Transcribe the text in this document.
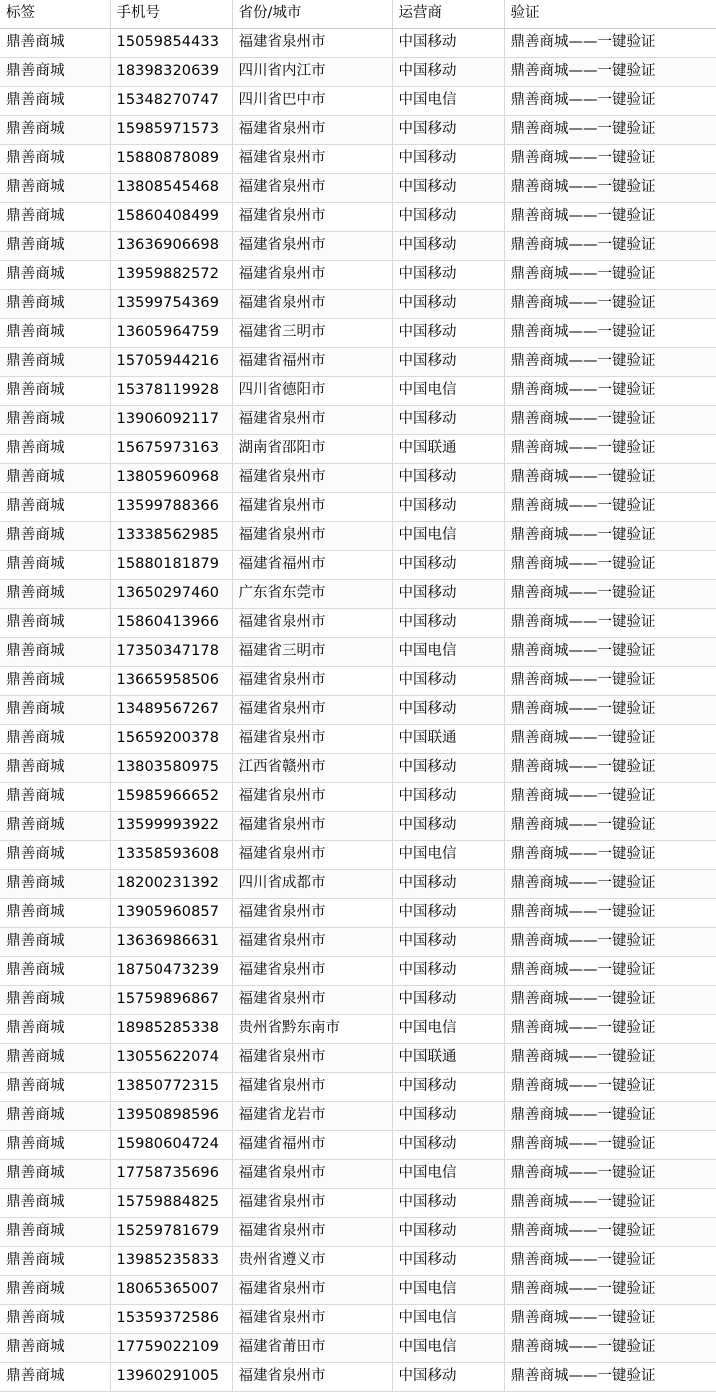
标签	手机号	省份/城市	运营商	验证
鼎善商城	15059854433	福建省泉州市	中国移动	鼎善商城——一键验证
鼎善商城	18398320639	四川省内江市	中国移动	鼎善商城——一键验证
鼎善商城	15348270747	四川省巴中市	中国电信	鼎善商城——一键验证
鼎善商城	15985971573	福建省泉州市	中国移动	鼎善商城——一键验证
鼎善商城	15880878089	福建省泉州市	中国移动	鼎善商城——一键验证
鼎善商城	13808545468	福建省泉州市	中国移动	鼎善商城——一键验证
鼎善商城	15860408499	福建省泉州市	中国移动	鼎善商城——一键验证
鼎善商城	13636906698	福建省泉州市	中国移动	鼎善商城——一键验证
鼎善商城	13959882572	福建省泉州市	中国移动	鼎善商城——一键验证
鼎善商城	13599754369	福建省泉州市	中国移动	鼎善商城——一键验证
鼎善商城	13605964759	福建省三明市	中国移动	鼎善商城——一键验证
鼎善商城	15705944216	福建省福州市	中国移动	鼎善商城——一键验证
鼎善商城	15378119928	四川省德阳市	中国电信	鼎善商城——一键验证
鼎善商城	13906092117	福建省泉州市	中国移动	鼎善商城——一键验证
鼎善商城	15675973163	湖南省邵阳市	中国联通	鼎善商城——一键验证
鼎善商城	13805960968	福建省泉州市	中国移动	鼎善商城——一键验证
鼎善商城	13599788366	福建省泉州市	中国移动	鼎善商城——一键验证
鼎善商城	13338562985	福建省泉州市	中国电信	鼎善商城——一键验证
鼎善商城	15880181879	福建省福州市	中国移动	鼎善商城——一键验证
鼎善商城	13650297460	广东省东莞市	中国移动	鼎善商城——一键验证
鼎善商城	15860413966	福建省泉州市	中国移动	鼎善商城——一键验证
鼎善商城	17350347178	福建省三明市	中国电信	鼎善商城——一键验证
鼎善商城	13665958506	福建省泉州市	中国移动	鼎善商城——一键验证
鼎善商城	13489567267	福建省泉州市	中国移动	鼎善商城——一键验证
鼎善商城	15659200378	福建省泉州市	中国联通	鼎善商城——一键验证
鼎善商城	13803580975	江西省赣州市	中国移动	鼎善商城——一键验证
鼎善商城	15985966652	福建省泉州市	中国移动	鼎善商城——一键验证
鼎善商城	13599993922	福建省泉州市	中国移动	鼎善商城——一键验证
鼎善商城	13358593608	福建省泉州市	中国电信	鼎善商城——一键验证
鼎善商城	18200231392	四川省成都市	中国移动	鼎善商城——一键验证
鼎善商城	13905960857	福建省泉州市	中国移动	鼎善商城——一键验证
鼎善商城	13636986631	福建省泉州市	中国移动	鼎善商城——一键验证
鼎善商城	18750473239	福建省泉州市	中国移动	鼎善商城——一键验证
鼎善商城	15759896867	福建省泉州市	中国移动	鼎善商城——一键验证
鼎善商城	18985285338	贵州省黔东南市	中国电信	鼎善商城——一键验证
鼎善商城	13055622074	福建省泉州市	中国联通	鼎善商城——一键验证
鼎善商城	13850772315	福建省泉州市	中国移动	鼎善商城——一键验证
鼎善商城	13950898596	福建省龙岩市	中国移动	鼎善商城——一键验证
鼎善商城	15980604724	福建省福州市	中国移动	鼎善商城——一键验证
鼎善商城	17758735696	福建省泉州市	中国电信	鼎善商城——一键验证
鼎善商城	15759884825	福建省泉州市	中国移动	鼎善商城——一键验证
鼎善商城	15259781679	福建省泉州市	中国移动	鼎善商城——一键验证
鼎善商城	13985235833	贵州省遵义市	中国移动	鼎善商城——一键验证
鼎善商城	18065365007	福建省泉州市	中国电信	鼎善商城——一键验证
鼎善商城	15359372586	福建省泉州市	中国电信	鼎善商城——一键验证
鼎善商城	17759022109	福建省莆田市	中国电信	鼎善商城——一键验证
鼎善商城	13960291005	福建省泉州市	中国移动	鼎善商城——一键验证
